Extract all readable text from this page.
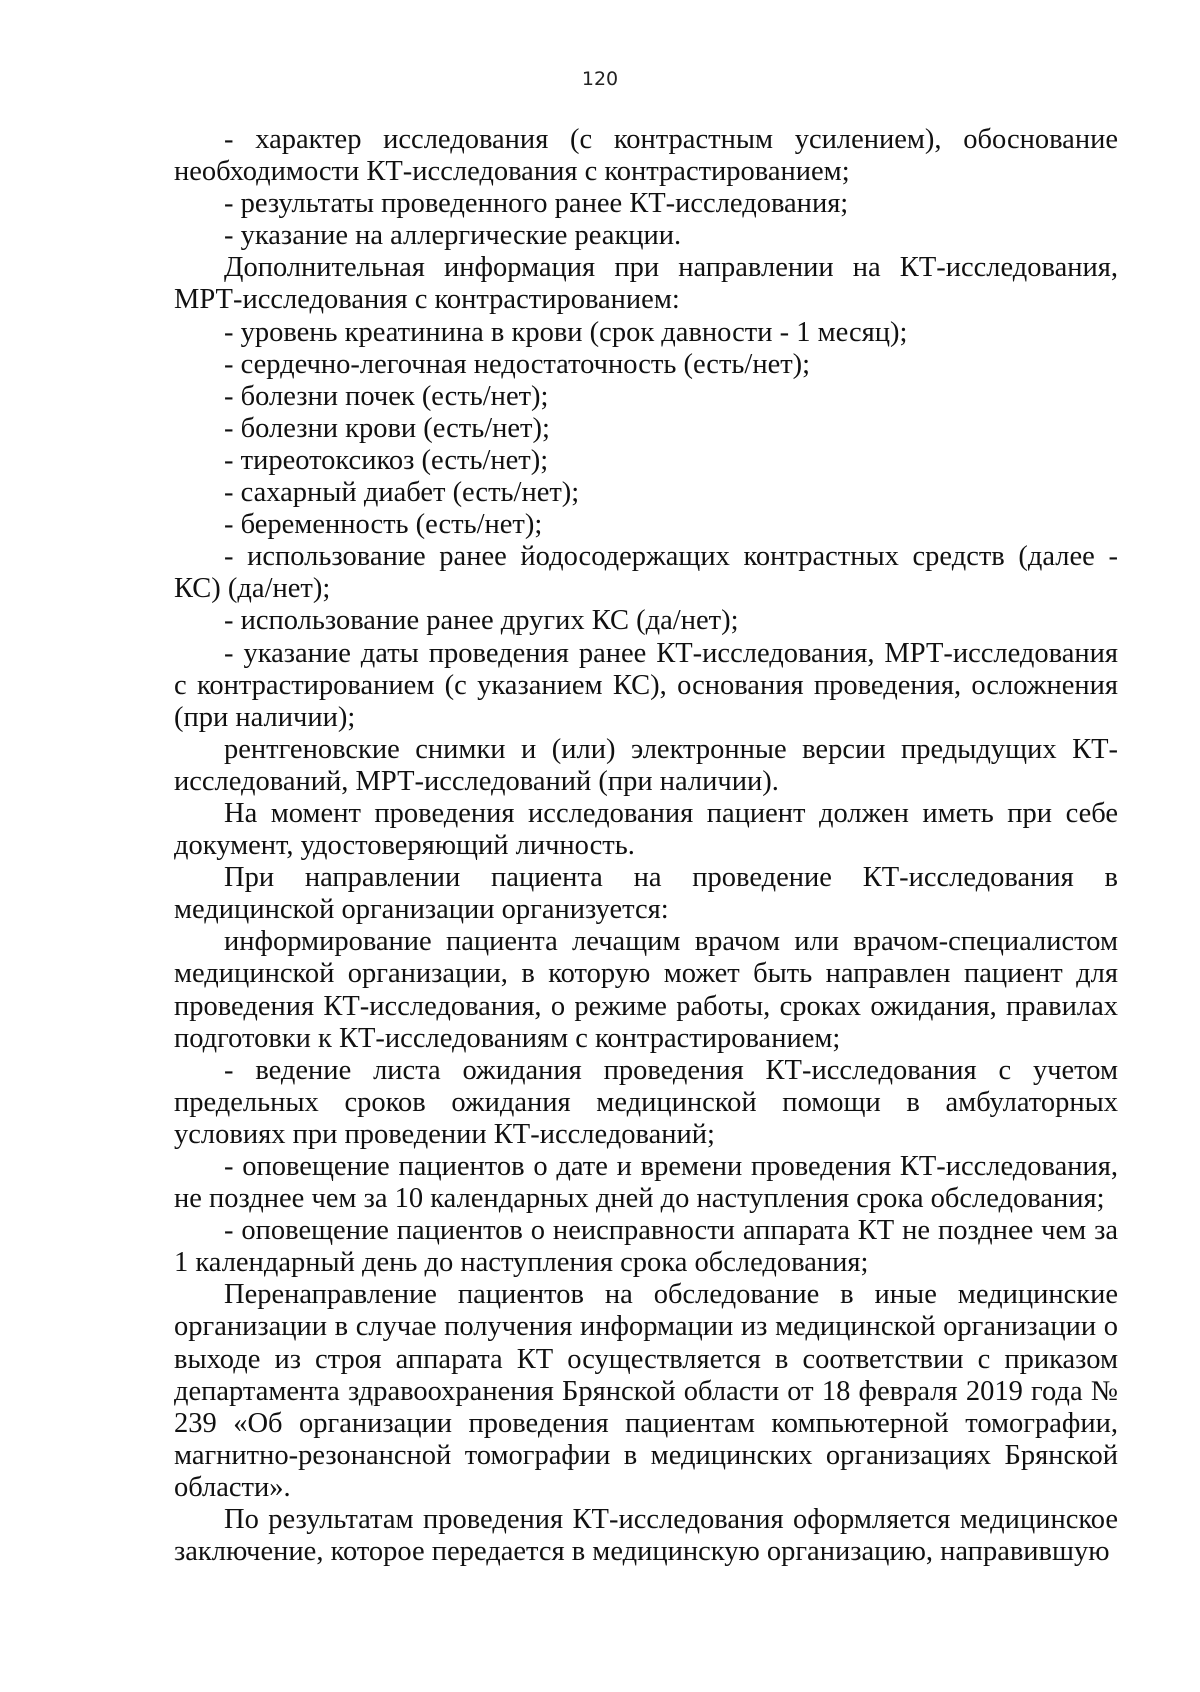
120

- характер исследования (с контрастным усилением), обоснование необходимости КТ-исследования с контрастированием;

- результаты проведенного ранее КТ-исследования;

- указание на аллергические реакции.

Дополнительная информация при направлении на КТ-исследования, МРТ-исследования с контрастированием:

- уровень креатинина в крови (срок давности - 1 месяц);

- сердечно-легочная недостаточность (есть/нет);

- болезни почек (есть/нет);

- болезни крови (есть/нет);

- тиреотоксикоз (есть/нет);

- сахарный диабет (есть/нет);

- беременность (есть/нет);

- использование ранее йодосодержащих контрастных средств (далее - КС) (да/нет);

- использование ранее других КС (да/нет);

- указание даты проведения ранее КТ-исследования, МРТ-исследования с контрастированием (с указанием КС), основания проведения, осложнения (при наличии);

рентгеновские снимки и (или) электронные версии предыдущих КТ-исследований, МРТ-исследований (при наличии).

На момент проведения исследования пациент должен иметь при себе документ, удостоверяющий личность.

При направлении пациента на проведение КТ-исследования в медицинской организации организуется:

информирование пациента лечащим врачом или врачом-специалистом медицинской организации, в которую может быть направлен пациент для проведения КТ-исследования, о режиме работы, сроках ожидания, правилах подготовки к КТ-исследованиям с контрастированием;

- ведение листа ожидания проведения КТ-исследования с учетом предельных сроков ожидания медицинской помощи в амбулаторных условиях при проведении КТ-исследований;

- оповещение пациентов о дате и времени проведения КТ-исследования, не позднее чем за 10 календарных дней до наступления срока обследования;

- оповещение пациентов о неисправности аппарата КТ не позднее чем за 1 календарный день до наступления срока обследования;

Перенаправление пациентов на обследование в иные медицинские организации в случае получения информации из медицинской организации о выходе из строя аппарата КТ осуществляется в соответствии с приказом департамента здравоохранения Брянской области от 18 февраля 2019 года № 239 «Об организации проведения пациентам компьютерной томографии, магнитно-резонансной томографии в медицинских организациях Брянской области».

По результатам проведения КТ-исследования оформляется медицинское заключение, которое передается в медицинскую организацию, направившую
